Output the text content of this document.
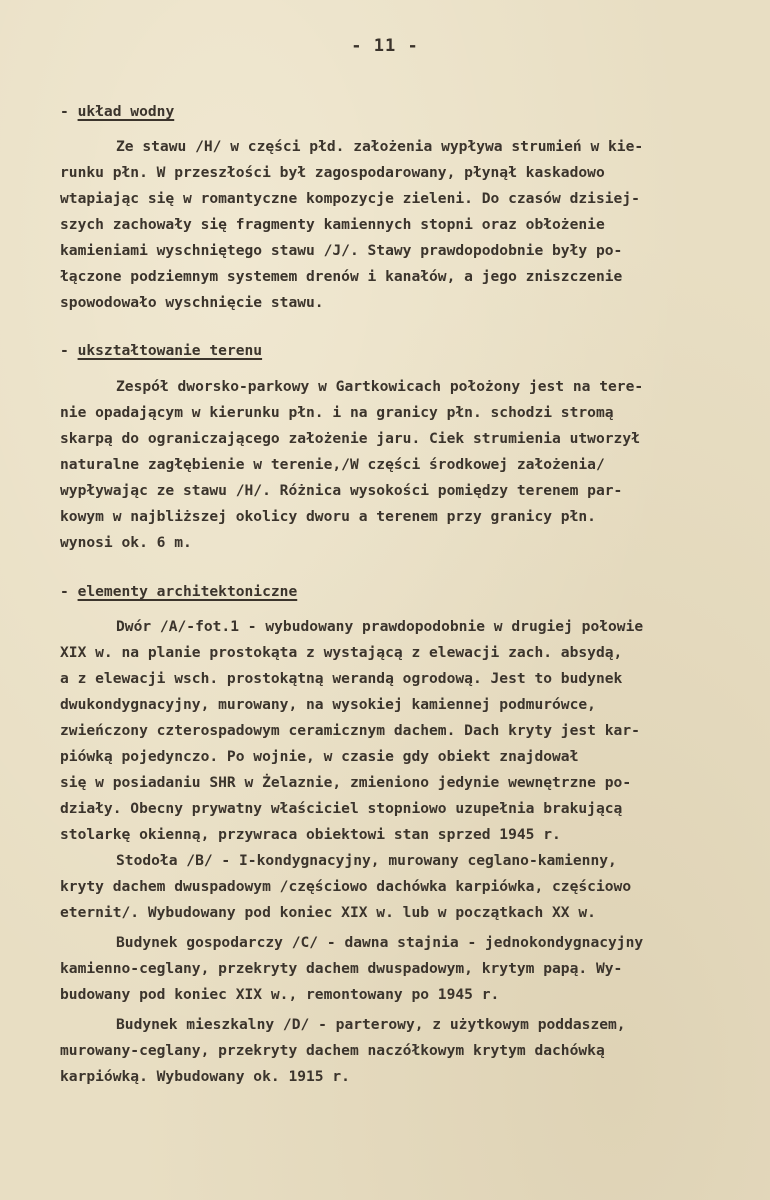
- 11 -
- układ wodny
Ze stawu /H/ w części płd. założenia wypływa strumień w kie-
runku płn. W przeszłości był zagospodarowany, płynął kaskadowo
wtapiając się w romantyczne kompozycje zieleni. Do czasów dzisiej-
szych zachowały się fragmenty kamiennych stopni oraz obłożenie
kamieniami wyschniętego stawu /J/. Stawy prawdopodobnie były po-
łączone podziemnym systemem drenów i kanałów, a jego zniszczenie
spowodowało wyschnięcie stawu.
- ukształtowanie terenu
Zespół dworsko-parkowy w Gartkowicach położony jest na tere-
nie opadającym w kierunku płn. i na granicy płn. schodzi stromą
skarpą do ograniczającego założenie jaru. Ciek strumienia utworzył
naturalne zagłębienie w terenie,/W części środkowej założenia/
wypływając ze stawu /H/. Różnica wysokości pomiędzy terenem par-
kowym w najbliższej okolicy dworu a terenem przy granicy płn.
wynosi ok. 6 m.
- elementy architektoniczne
Dwór /A/-fot.1 - wybudowany prawdopodobnie w drugiej połowie
XIX w. na planie prostokąta z wystającą z elewacji zach. absydą,
a z elewacji wsch. prostokątną werandą ogrodową. Jest to budynek
dwukondygnacyjny, murowany, na wysokiej kamiennej podmurówce,
zwieńczony czterospadowym ceramicznym dachem. Dach kryty jest kar-
piówką pojedynczo. Po wojnie, w czasie gdy obiekt znajdował
się w posiadaniu SHR w Żelaznie, zmieniono jedynie wewnętrzne po-
działy. Obecny prywatny właściciel stopniowo uzupełnia brakującą
stolarkę okienną, przywraca obiektowi stan sprzed 1945 r.
Stodoła /B/ - I-kondygnacyjny, murowany ceglano-kamienny,
kryty dachem dwuspadowym /częściowo dachówka karpiówka, częściowo
eternit/. Wybudowany pod koniec XIX w. lub w początkach XX w.
Budynek gospodarczy /C/ - dawna stajnia - jednokondygnacyjny
kamienno-ceglany, przekryty dachem dwuspadowym, krytym papą. Wy-
budowany pod koniec XIX w., remontowany po 1945 r.
Budynek mieszkalny /D/ - parterowy, z użytkowym poddaszem,
murowany-ceglany, przekryty dachem naczółkowym krytym dachówką
karpiówką. Wybudowany ok. 1915 r.
